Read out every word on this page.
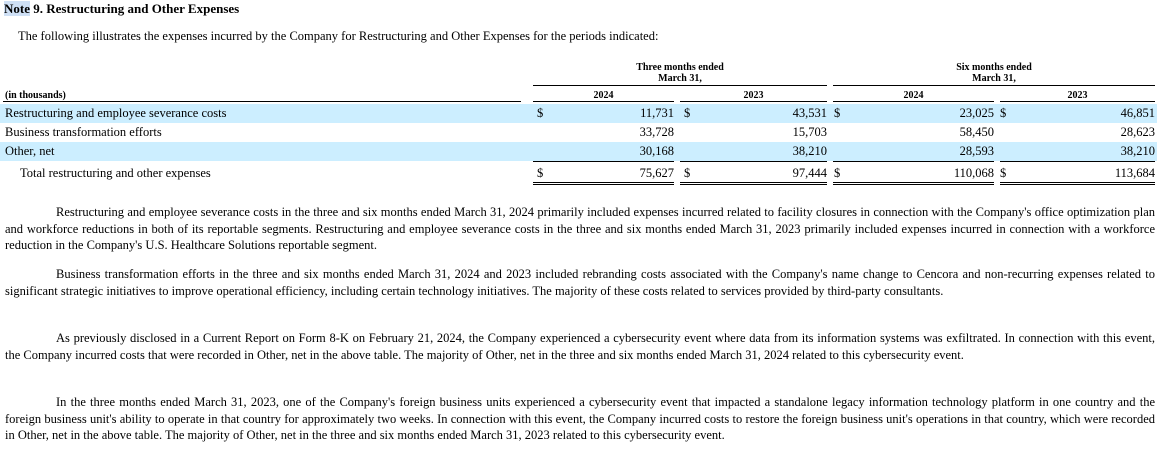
Note 9. Restructuring and Other Expenses
The following illustrates the expenses incurred by the Company for Restructuring and Other Expenses for the periods indicated:
Three months ended
March 31,
Six months ended
March 31,
(in thousands)	2024	2023	2024	2023
Restructuring and employee severance costs	$	11,731 $	43,531 $	23,025 $	46,851
Business transformation efforts	33,728	15,703	58,450	28,623
Other, net	30,168	38,210	28,593	38,210
Total restructuring and other expenses	$	75,627 $	97,444 $	110,068 $	113,684

Restructuring and employee severance costs in the three and six months ended March 31, 2024 primarily included expenses incurred related to facility closures in connection with the Company's office optimization plan and workforce reductions in both of its reportable segments. Restructuring and employee severance costs in the three and six months ended March 31, 2023 primarily included expenses incurred in connection with a workforce reduction in the Company's U.S. Healthcare Solutions reportable segment.

Business transformation efforts in the three and six months ended March 31, 2024 and 2023 included rebranding costs associated with the Company's name change to Cencora and non-recurring expenses related to significant strategic initiatives to improve operational efficiency, including certain technology initiatives. The majority of these costs related to services provided by third-party consultants.

As previously disclosed in a Current Report on Form 8-K on February 21, 2024, the Company experienced a cybersecurity event where data from its information systems was exfiltrated. In connection with this event, the Company incurred costs that were recorded in Other, net in the above table. The majority of Other, net in the three and six months ended March 31, 2024 related to this cybersecurity event.

In the three months ended March 31, 2023, one of the Company's foreign business units experienced a cybersecurity event that impacted a standalone legacy information technology platform in one country and the foreign business unit's ability to operate in that country for approximately two weeks. In connection with this event, the Company incurred costs to restore the foreign business unit's operations in that country, which were recorded in Other, net in the above table. The majority of Other, net in the three and six months ended March 31, 2023 related to this cybersecurity event.
